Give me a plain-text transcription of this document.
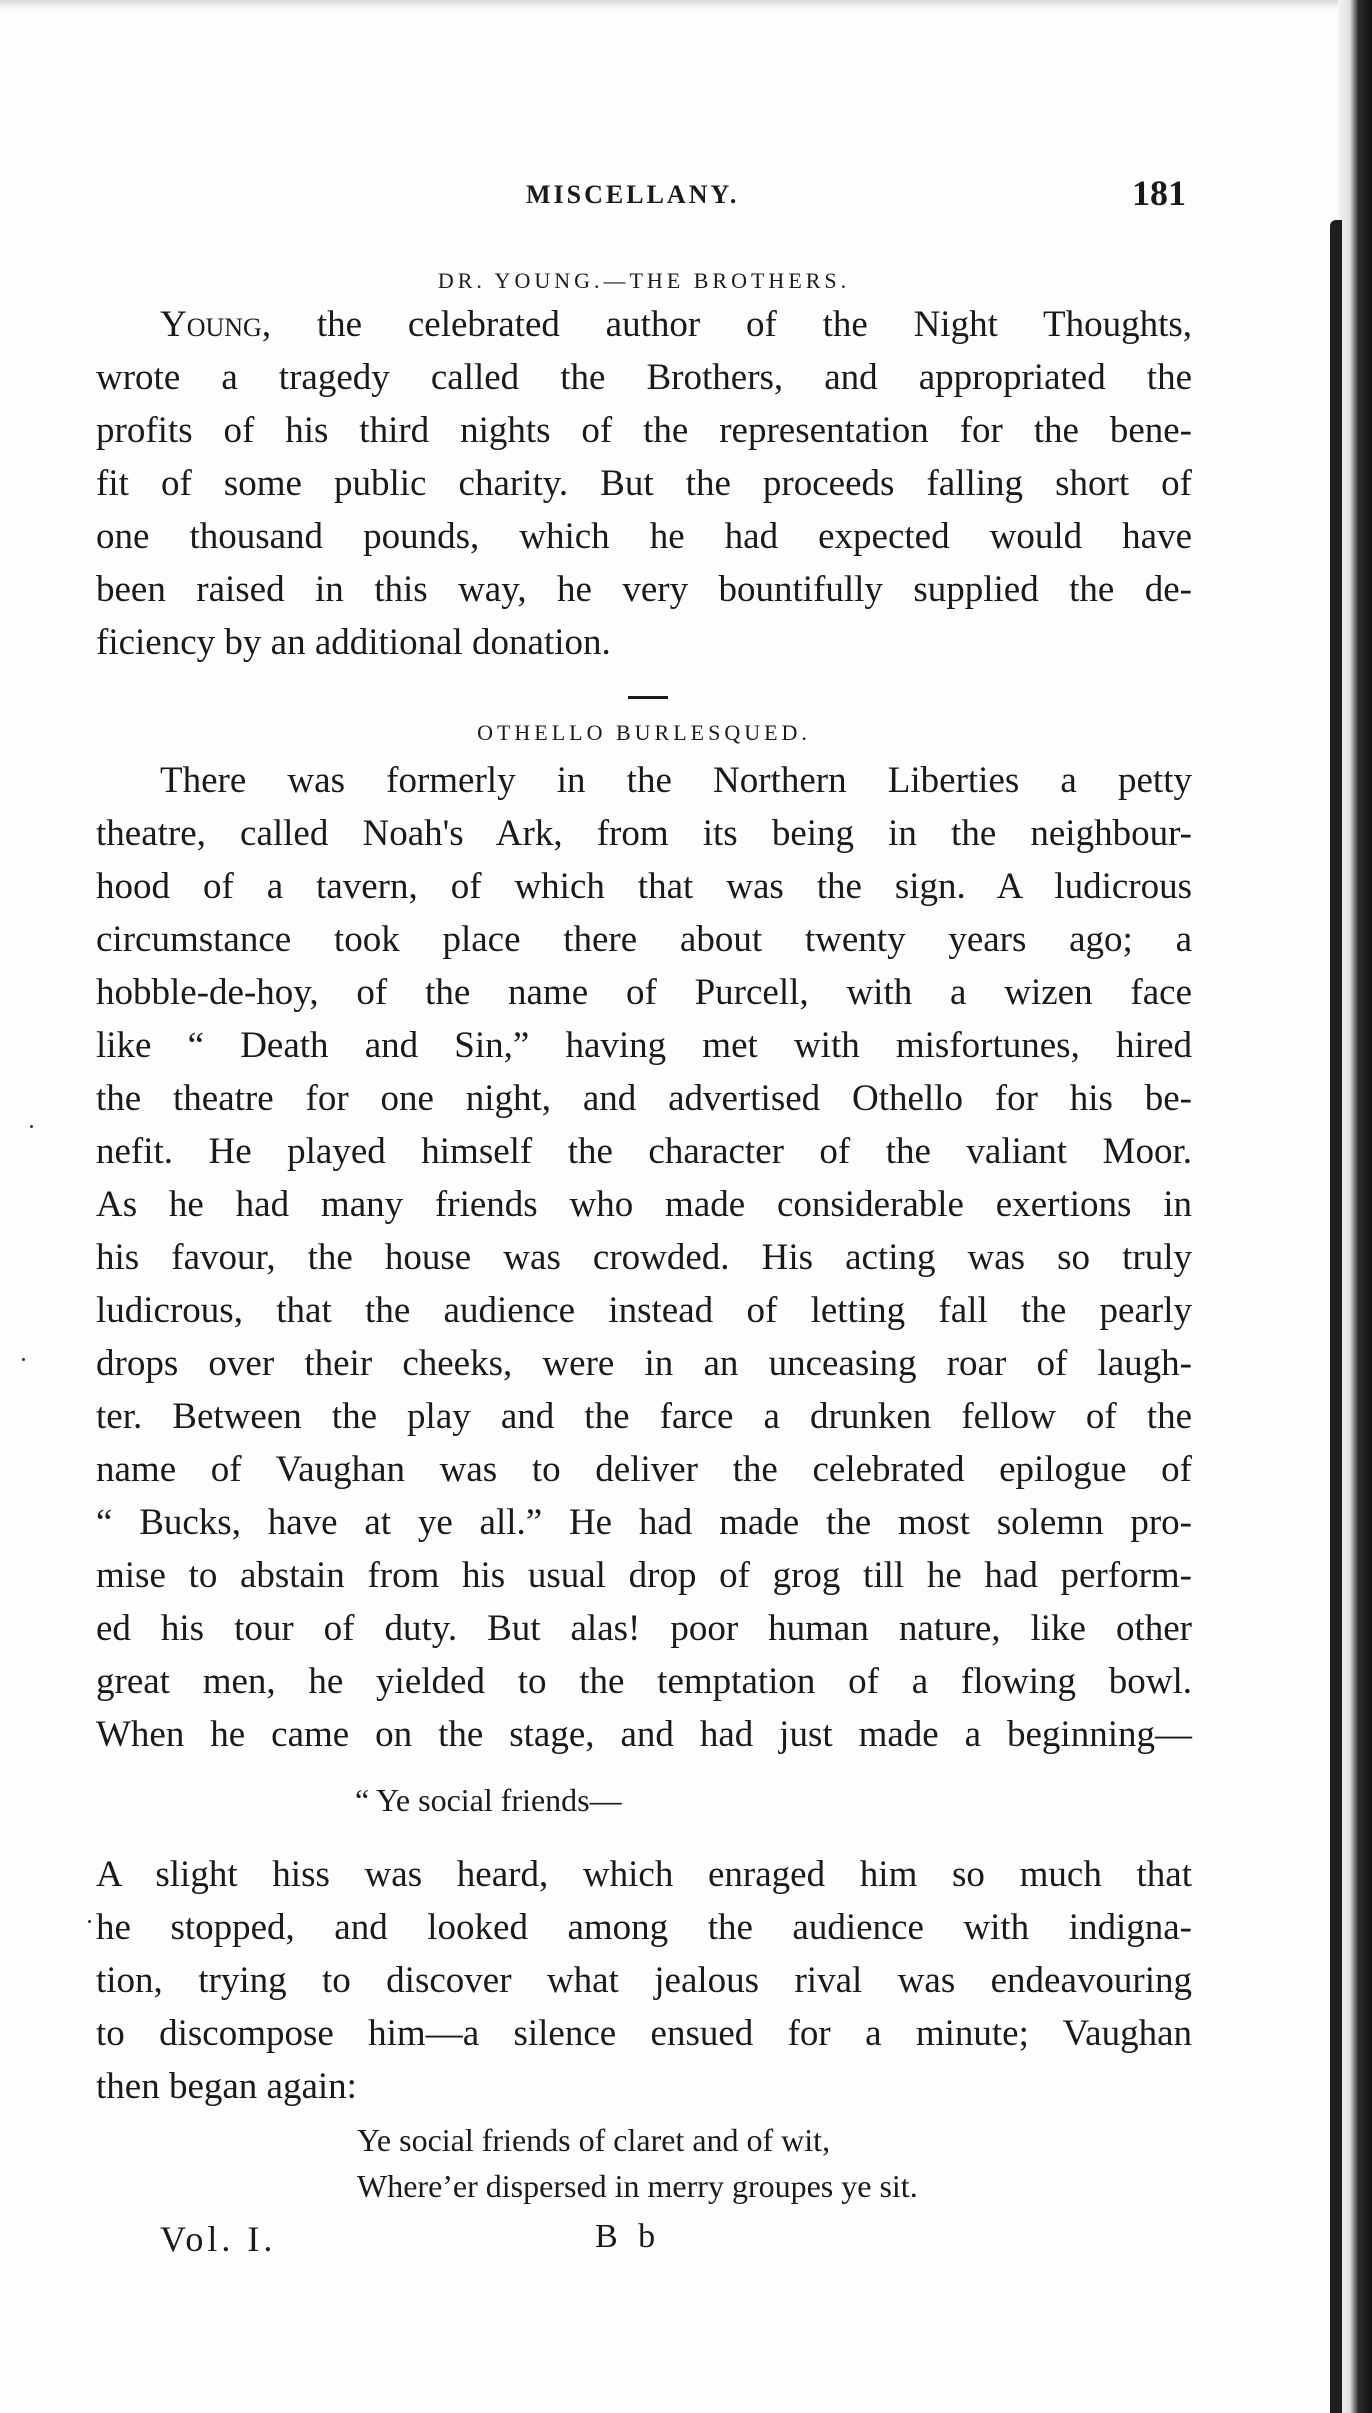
MISCELLANY.	181
DR. YOUNG.—THE BROTHERS.
Young, the celebrated author of the Night Thoughts,
wrote a tragedy called the Brothers, and appropriated the
profits of his third nights of the representation for the bene-
fit of some public charity. But the proceeds falling short of
one thousand pounds, which he had expected would have
been raised in this way, he very bountifully supplied the de-
ficiency by an additional donation.
OTHELLO BURLESQUED.
There was formerly in the Northern Liberties a petty
theatre, called Noah's Ark, from its being in the neighbour-
hood of a tavern, of which that was the sign. A ludicrous
circumstance took place there about twenty years ago; a
hobble-de-hoy, of the name of Purcell, with a wizen face
like “ Death and Sin,” having met with misfortunes, hired
the theatre for one night, and advertised Othello for his be-
nefit. He played himself the character of the valiant Moor.
As he had many friends who made considerable exertions in
his favour, the house was crowded. His acting was so truly
ludicrous, that the audience instead of letting fall the pearly
drops over their cheeks, were in an unceasing roar of laugh-
ter. Between the play and the farce a drunken fellow of the
name of Vaughan was to deliver the celebrated epilogue of
“ Bucks, have at ye all.” He had made the most solemn pro-
mise to abstain from his usual drop of grog till he had perform-
ed his tour of duty. But alas! poor human nature, like other
great men, he yielded to the temptation of a flowing bowl.
When he came on the stage, and had just made a beginning—
“ Ye social friends—
A slight hiss was heard, which enraged him so much that
he stopped, and looked among the audience with indigna-
tion, trying to discover what jealous rival was endeavouring
to discompose him—a silence ensued for a minute; Vaughan
then began again:
Ye social friends of claret and of wit,
Where’er dispersed in merry groupes ye sit.
Vol. I.	B b
